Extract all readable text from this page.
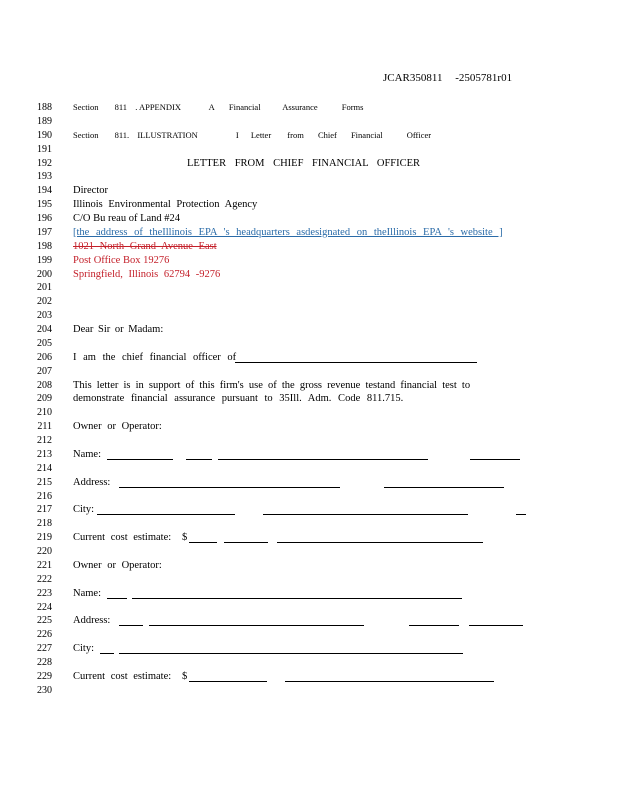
JCAR350811 -2505781r01
188 Section 811 . APPENDIX	A Financial	Assurance	Forms
189
190 Section 811. ILLUSTRATION	I Letter from Chief Financial	Officer
191
192	LETTER FROM CHIEF FINANCIAL OFFICER
193
194 Director
195 Illinois Environmental Protection Agency
196 C/O Bu reau of Land #24
197 [the address of theIllinois EPA 's headquarters asdesignated on theIllinois EPA 's website ]
198 1021 North Grand Avenue East
199 Post Office Box 19276
200 Springfield, Illinois 62794 -9276
201
202
203
204 Dear Sir or Madam:
205
206 I am the chief financial officer of
207
208 This letter is in support of this firm's use of the gross revenue testand financial test to
209 demonstrate financial assurance pursuant to 35Ill. Adm. Code 811.715.
210
211 Owner or Operator:
212
213 Name:
214
215 Address:
216
217 City:
218
219 Current cost estimate: $
220
221 Owner or Operator:
222
223 Name:
224
225 Address:
226
227 City:
228
229 Current cost estimate: $
230
